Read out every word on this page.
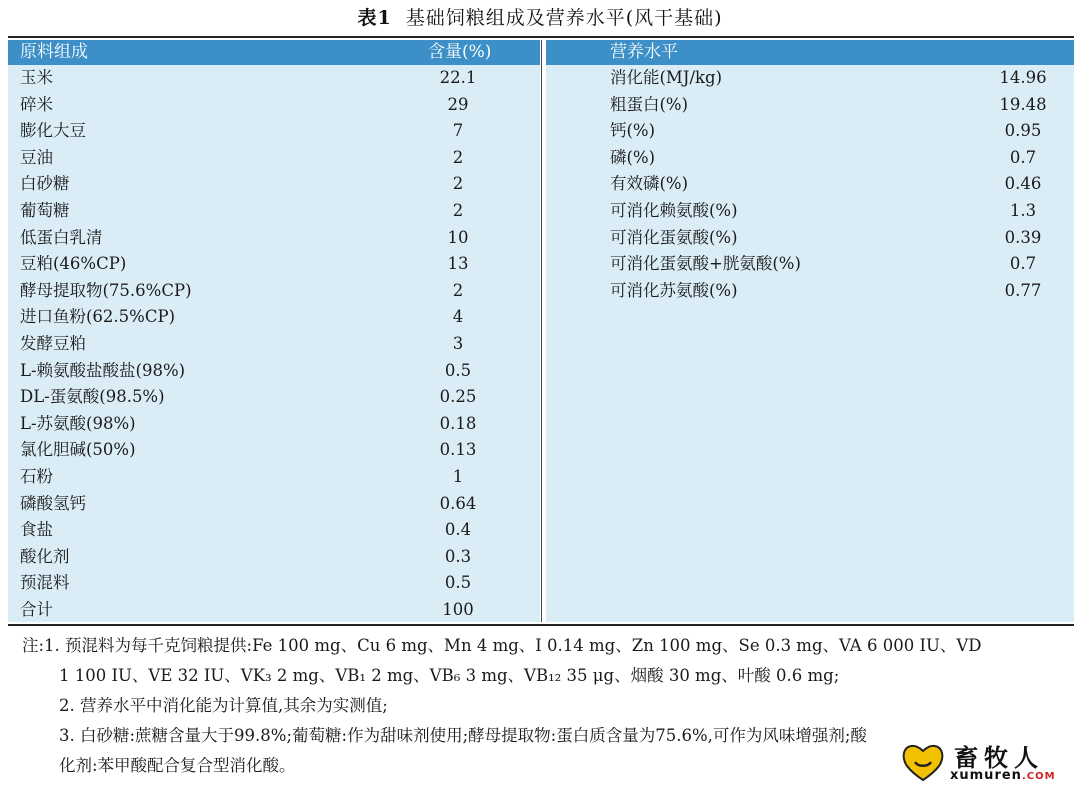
表1 基础饲粮组成及营养水平(风干基础)
原料组成	含量(%)
玉米	22.1
碎米	29
膨化大豆	7
豆油	2
白砂糖	2
葡萄糖	2
低蛋白乳清	10
豆粕(46%CP)	13
酵母提取物(75.6%CP)	2
进口鱼粉(62.5%CP)	4
发酵豆粕	3
L-赖氨酸盐酸盐(98%)	0.5
DL-蛋氨酸(98.5%)	0.25
L-苏氨酸(98%)	0.18
氯化胆碱(50%)	0.13
石粉	1
磷酸氢钙	0.64
食盐	0.4
酸化剂	0.3
预混料	0.5
合计	100
营养水平
消化能(MJ/kg)	14.96
粗蛋白(%)	19.48
钙(%)	0.95
磷(%)	0.7
有效磷(%)	0.46
可消化赖氨酸(%)	1.3
可消化蛋氨酸(%)	0.39
可消化蛋氨酸+胱氨酸(%)	0.7
可消化苏氨酸(%)	0.77
注:1. 预混料为每千克饲粮提供:Fe 100 mg、Cu 6 mg、Mn 4 mg、I 0.14 mg、Zn 100 mg、Se 0.3 mg、VA 6 000 IU、VD
1 100 IU、VE 32 IU、VK₃ 2 mg、VB₁ 2 mg、VB₆ 3 mg、VB₁₂ 35 μg、烟酸 30 mg、叶酸 0.6 mg;
2. 营养水平中消化能为计算值,其余为实测值;
3. 白砂糖:蔗糖含量大于99.8%;葡萄糖:作为甜味剂使用;酵母提取物:蛋白质含量为75.6%,可作为风味增强剂;酸
化剂:苯甲酸配合复合型消化酸。	畜牧人
xumuren.COM
